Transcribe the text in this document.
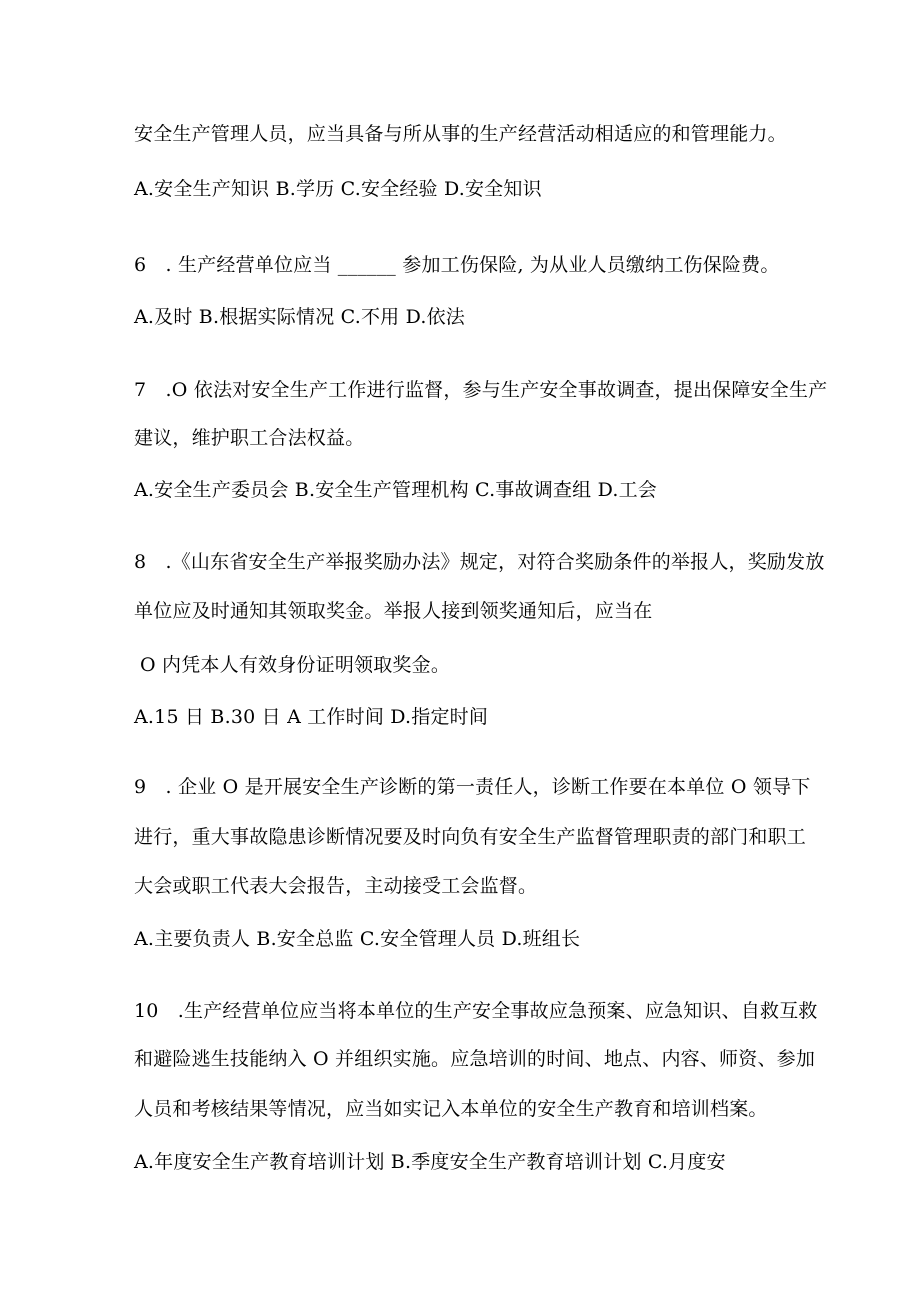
安全生产管理人员，应当具备与所从事的生产经营活动相适应的和管理能力。
A.安全生产知识 B.学历 C.安全经验 D.安全知识
6　. 生产经营单位应当 ______ 参加工伤保险, 为从业人员缴纳工伤保险费。
A.及时 B.根据实际情况 C.不用 D.依法
7　.O 依法对安全生产工作进行监督，参与生产安全事故调查，提出保障安全生产
建议，维护职工合法权益。
A.安全生产委员会 B.安全生产管理机构 C.事故调查组 D.工会
8　.《山东省安全生产举报奖励办法》规定，对符合奖励条件的举报人，奖励发放
单位应及时通知其领取奖金。举报人接到领奖通知后，应当在
O 内凭本人有效身份证明领取奖金。
A.15 日 B.30 日 A 工作时间 D.指定时间
9　. 企业 O 是开展安全生产诊断的第一责任人，诊断工作要在本单位 O 领导下
进行，重大事故隐患诊断情况要及时向负有安全生产监督管理职责的部门和职工
大会或职工代表大会报告，主动接受工会监督。
A.主要负责人 B.安全总监 C.安全管理人员 D.班组长
10　.生产经营单位应当将本单位的生产安全事故应急预案、应急知识、自救互救
和避险逃生技能纳入 O 并组织实施。应急培训的时间、地点、内容、师资、参加
人员和考核结果等情况，应当如实记入本单位的安全生产教育和培训档案。
A.年度安全生产教育培训计划 B.季度安全生产教育培训计划 C.月度安
